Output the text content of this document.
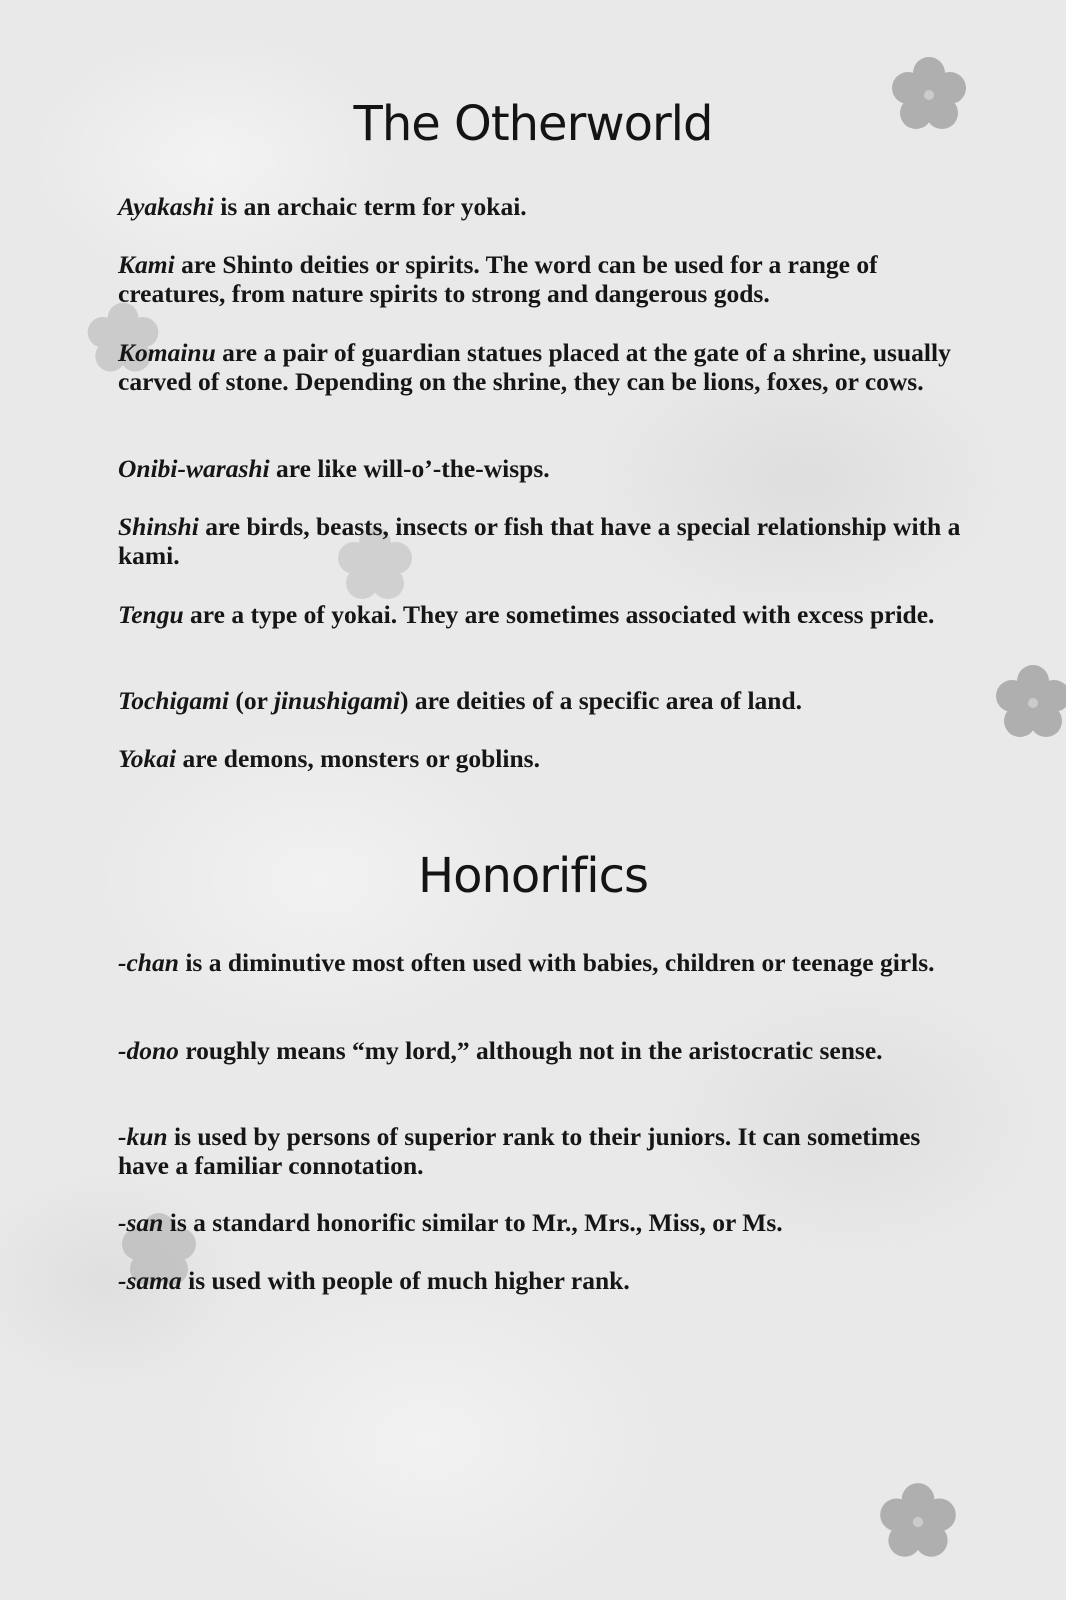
The Otherworld

Ayakashi is an archaic term for yokai.

Kami are Shinto deities or spirits. The word can be used for a range of creatures, from nature spirits to strong and dangerous gods.

Komainu are a pair of guardian statues placed at the gate of a shrine, usually carved of stone. Depending on the shrine, they can be lions, foxes, or cows.

Onibi-warashi are like will-o’-the-wisps.

Shinshi are birds, beasts, insects or fish that have a special relationship with a kami.

Tengu are a type of yokai. They are sometimes associated with excess pride.

Tochigami (or jinushigami) are deities of a specific area of land.

Yokai are demons, monsters or goblins.

Honorifics

-chan is a diminutive most often used with babies, children or teenage girls.

-dono roughly means “my lord,” although not in the aristocratic sense.

-kun is used by persons of superior rank to their juniors. It can sometimes have a familiar connotation.

-san is a standard honorific similar to Mr., Mrs., Miss, or Ms.

-sama is used with people of much higher rank.
